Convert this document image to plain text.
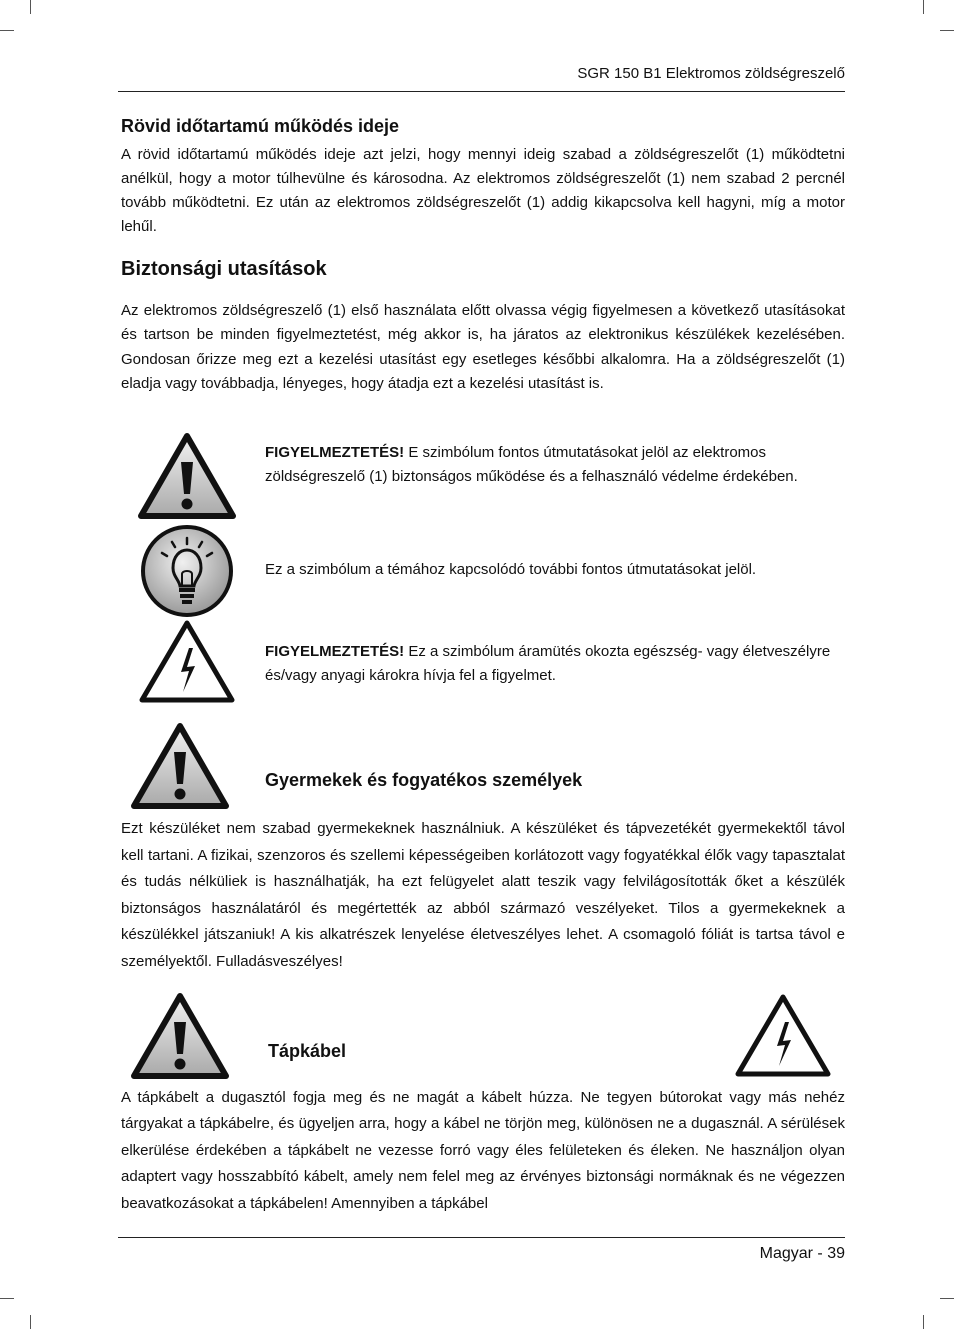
SGR 150 B1 Elektromos zöldségreszelő
Rövid időtartamú működés ideje
A rövid időtartamú működés ideje azt jelzi, hogy mennyi ideig szabad a zöldségreszelőt (1) működtetni anélkül, hogy a motor túlhevülne és károsodna. Az elektromos zöldségreszelőt (1) nem szabad 2 percnél tovább működtetni. Ez után az elektromos zöldségreszelőt (1) addig kikapcsolva kell hagyni, míg a motor lehűl.
Biztonsági utasítások
Az elektromos zöldségreszelő (1) első használata előtt olvassa végig figyelmesen a következő utasításokat és tartson be minden figyelmeztetést, még akkor is, ha járatos az elektronikus készülékek kezelésében. Gondosan őrizze meg ezt a kezelési utasítást egy esetleges későbbi alkalomra. Ha a zöldségreszelőt (1) eladja vagy továbbadja, lényeges, hogy átadja ezt a kezelési utasítást is.
FIGYELMEZTETÉS! E szimbólum fontos útmutatásokat jelöl az elektromos zöldségreszelő (1) biztonságos működése és a felhasználó védelme érdekében.
Ez a szimbólum a témához kapcsolódó további fontos útmutatásokat jelöl.
FIGYELMEZTETÉS! Ez a szimbólum áramütés okozta egészség- vagy életveszélyre és/vagy anyagi károkra hívja fel a figyelmet.
Gyermekek és fogyatékos személyek
Ezt készüléket nem szabad gyermekeknek használniuk. A készüléket és tápvezetékét gyermekektől távol kell tartani. A fizikai, szenzoros és szellemi képességeiben korlátozott vagy fogyatékkal élők vagy tapasztalat és tudás nélküliek is használhatják, ha ezt felügyelet alatt teszik vagy felvilágosították őket a készülék biztonságos használatáról és megértették az abból származó veszélyeket. Tilos a gyermekeknek a készülékkel játszaniuk! A kis alkatrészek lenyelése életveszélyes lehet. A csomagoló fóliát is tartsa távol e személyektől. Fulladásveszélyes!
Tápkábel
A tápkábelt a dugasztól fogja meg és ne magát a kábelt húzza. Ne tegyen bútorokat vagy más nehéz tárgyakat a tápkábelre, és ügyeljen arra, hogy a kábel ne törjön meg, különösen ne a dugasznál. A sérülések elkerülése érdekében a tápkábelt ne vezesse forró vagy éles felületeken és éleken. Ne használjon olyan adaptert vagy hosszabbító kábelt, amely nem felel meg az érvényes biztonsági normáknak és ne végezzen beavatkozásokat a tápkábelen! Amennyiben a tápkábel
Magyar - 39
